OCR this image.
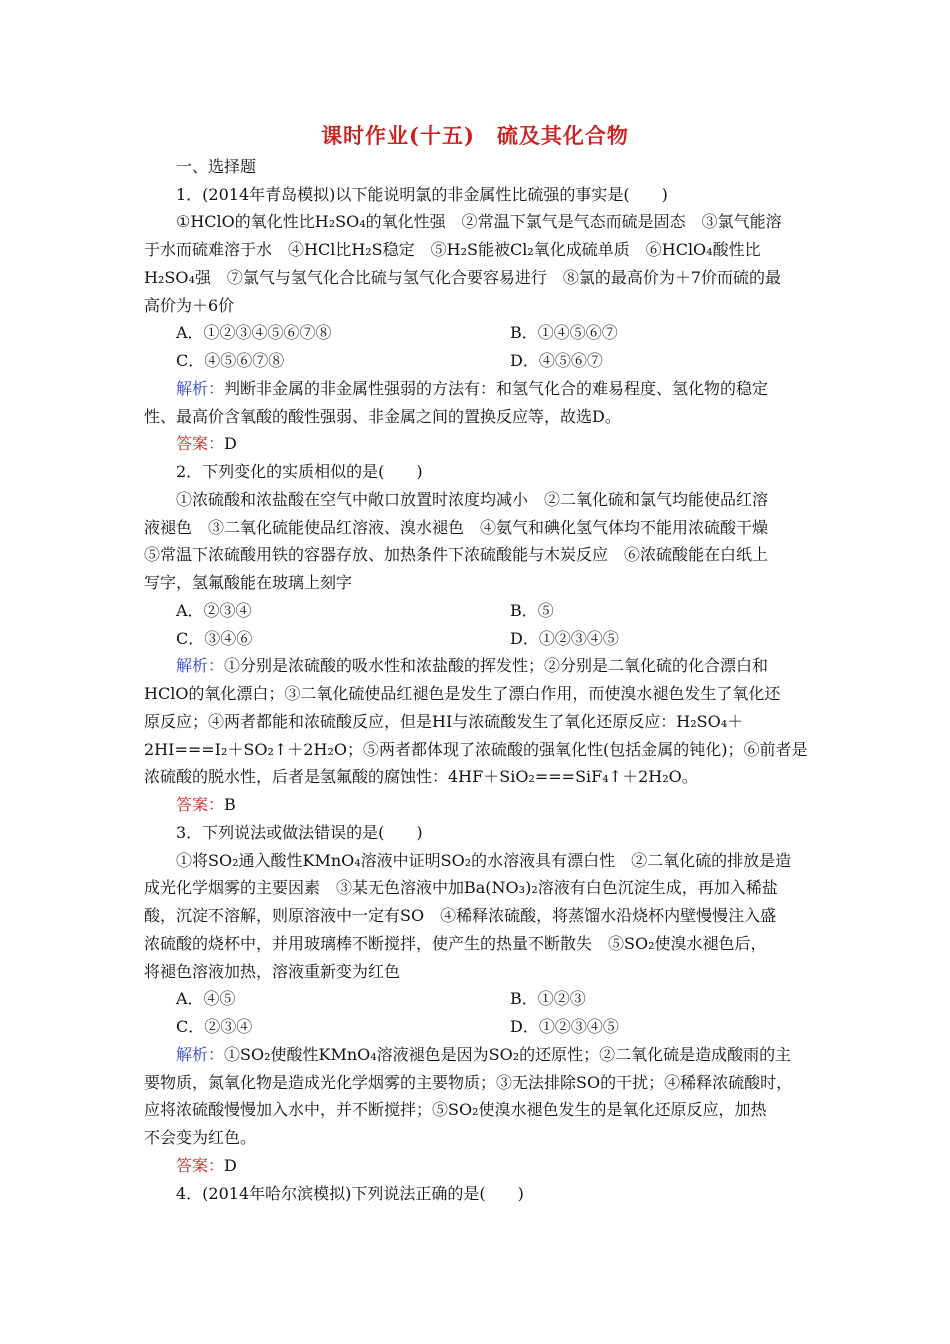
课时作业(十五)　硫及其化合物
一、选择题
1．(2014年青岛模拟)以下能说明氯的非金属性比硫强的事实是(　　)
①HClO的氧化性比H₂SO₄的氧化性强　②常温下氯气是气态而硫是固态　③氯气能溶
于水而硫难溶于水　④HCl比H₂S稳定　⑤H₂S能被Cl₂氧化成硫单质　⑥HClO₄酸性比
H₂SO₄强　⑦氯气与氢气化合比硫与氢气化合要容易进行　⑧氯的最高价为＋7价而硫的最
高价为＋6价
A．①②③④⑤⑥⑦⑧	B．①④⑤⑥⑦
C．④⑤⑥⑦⑧	D．④⑤⑥⑦
解析：判断非金属的非金属性强弱的方法有：和氢气化合的难易程度、氢化物的稳定
性、最高价含氧酸的酸性强弱、非金属之间的置换反应等，故选D。
答案：D
2．下列变化的实质相似的是(　　)
①浓硫酸和浓盐酸在空气中敞口放置时浓度均减小　②二氧化硫和氯气均能使品红溶
液褪色　③二氧化硫能使品红溶液、溴水褪色　④氨气和碘化氢气体均不能用浓硫酸干燥
⑤常温下浓硫酸用铁的容器存放、加热条件下浓硫酸能与木炭反应　⑥浓硫酸能在白纸上
写字，氢氟酸能在玻璃上刻字
A．②③④	B．⑤
C．③④⑥	D．①②③④⑤
解析：①分别是浓硫酸的吸水性和浓盐酸的挥发性；②分别是二氧化硫的化合漂白和
HClO的氧化漂白；③二氧化硫使品红褪色是发生了漂白作用，而使溴水褪色发生了氧化还
原反应；④两者都能和浓硫酸反应，但是HI与浓硫酸发生了氧化还原反应：H₂SO₄＋
2HI===I₂＋SO₂↑＋2H₂O；⑤两者都体现了浓硫酸的强氧化性(包括金属的钝化)；⑥前者是
浓硫酸的脱水性，后者是氢氟酸的腐蚀性：4HF＋SiO₂===SiF₄↑＋2H₂O。
答案：B
3．下列说法或做法错误的是(　　)
①将SO₂通入酸性KMnO₄溶液中证明SO₂的水溶液具有漂白性　②二氧化硫的排放是造
成光化学烟雾的主要因素　③某无色溶液中加Ba(NO₃)₂溶液有白色沉淀生成，再加入稀盐
酸，沉淀不溶解，则原溶液中一定有SO　④稀释浓硫酸，将蒸馏水沿烧杯内壁慢慢注入盛
浓硫酸的烧杯中，并用玻璃棒不断搅拌，使产生的热量不断散失　⑤SO₂使溴水褪色后，
将褪色溶液加热，溶液重新变为红色
A．④⑤	B．①②③
C．②③④	D．①②③④⑤
解析：①SO₂使酸性KMnO₄溶液褪色是因为SO₂的还原性；②二氧化硫是造成酸雨的主
要物质，氮氧化物是造成光化学烟雾的主要物质；③无法排除SO的干扰；④稀释浓硫酸时，
应将浓硫酸慢慢加入水中，并不断搅拌；⑤SO₂使溴水褪色发生的是氧化还原反应，加热
不会变为红色。
答案：D
4．(2014年哈尔滨模拟)下列说法正确的是(　　)
